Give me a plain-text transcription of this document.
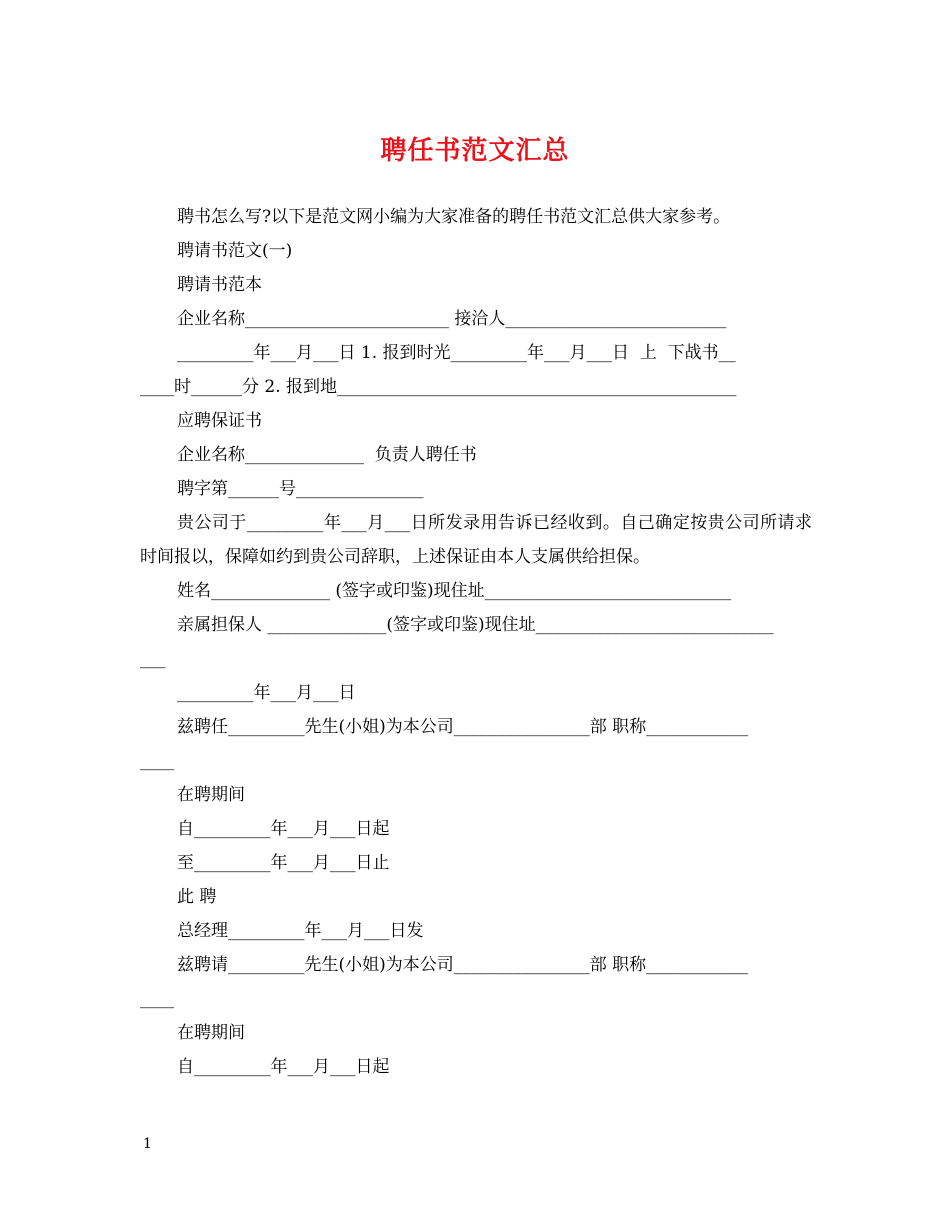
聘任书范文汇总
聘书怎么写?以下是范文网小编为大家准备的聘任书范文汇总供大家参考。
聘请书范文(一)
聘请书范本
企业名称________________________ 接洽人__________________________
_________年___月___日 1. 报到时光_________年___月___日  上  下战书__
____时______分 2. 报到地_______________________________________________
应聘保证书
企业名称______________  负责人聘任书
聘字第______号_______________
贵公司于_________年___月___日所发录用告诉已经收到。自己确定按贵公司所请求时间报以，保障如约到贵公司辞职，上述保证由本人支属供给担保。
姓名______________ (签字或印鉴)现住址_____________________________
亲属担保人 ______________(签字或印鉴)现住址____________________________
___
_________年___月___日
兹聘任_________先生(小姐)为本公司________________部 职称____________
____
在聘期间
自_________年___月___日起
至_________年___月___日止
此 聘
总经理_________年___月___日发
兹聘请_________先生(小姐)为本公司________________部 职称____________
____
在聘期间
自_________年___月___日起
1
